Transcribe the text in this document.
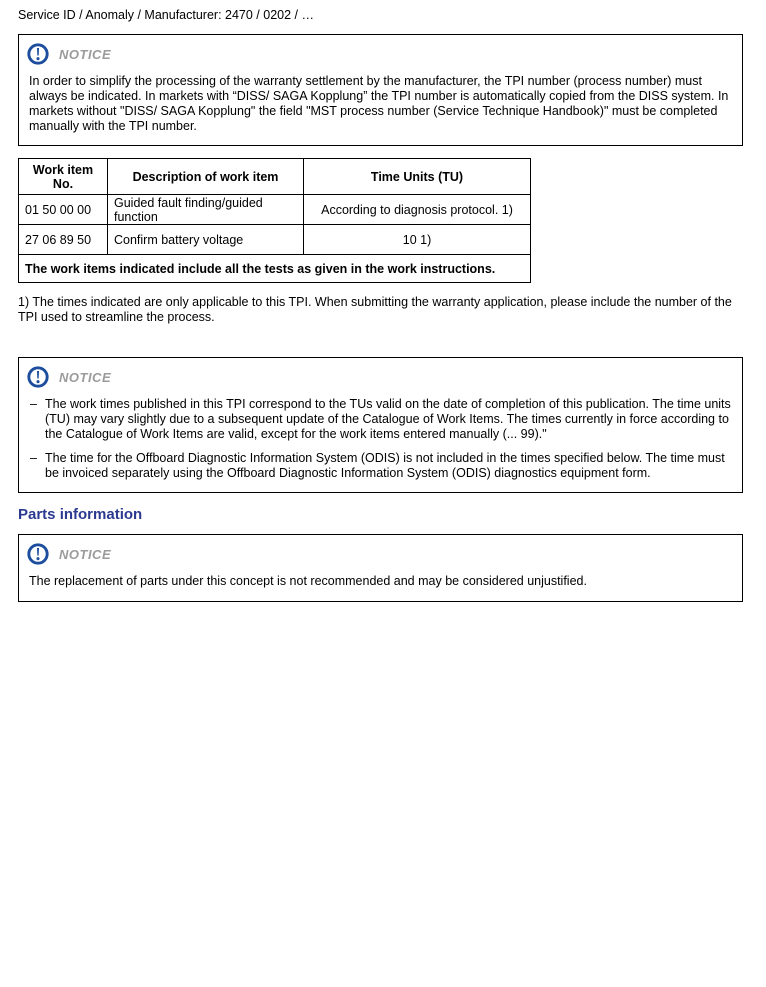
Service ID / Anomaly / Manufacturer: 2470 / 0202 / …
NOTICE
In order to simplify the processing of the warranty settlement by the manufacturer, the TPI number (process number) must always be indicated. In markets with “DISS/ SAGA Kopplung” the TPI number is automatically copied from the DISS system. In markets without "DISS/ SAGA Kopplung" the field "MST process number (Service Technique Handbook)" must be completed manually with the TPI number.
Work item No.	Description of work item	Time Units (TU)
01 50 00 00	Guided fault finding/guided function	According to diagnosis protocol. 1)
27 06 89 50	Confirm battery voltage	10 1)
The work items indicated include all the tests as given in the work instructions.		
1) The times indicated are only applicable to this TPI. When submitting the warranty application, please include the number of the TPI used to streamline the process.
NOTICE
–
The work times published in this TPI correspond to the TUs valid on the date of completion of this publication. The time units (TU) may vary slightly due to a subsequent update of the Catalogue of Work Items. The times currently in force according to the Catalogue of Work Items are valid, except for the work items entered manually (... 99)."
–
The time for the Offboard Diagnostic Information System (ODIS) is not included in the times specified below. The time must be invoiced separately using the Offboard Diagnostic Information System (ODIS) diagnostics equipment form.
Parts information
NOTICE
The replacement of parts under this concept is not recommended and may be considered unjustified.
